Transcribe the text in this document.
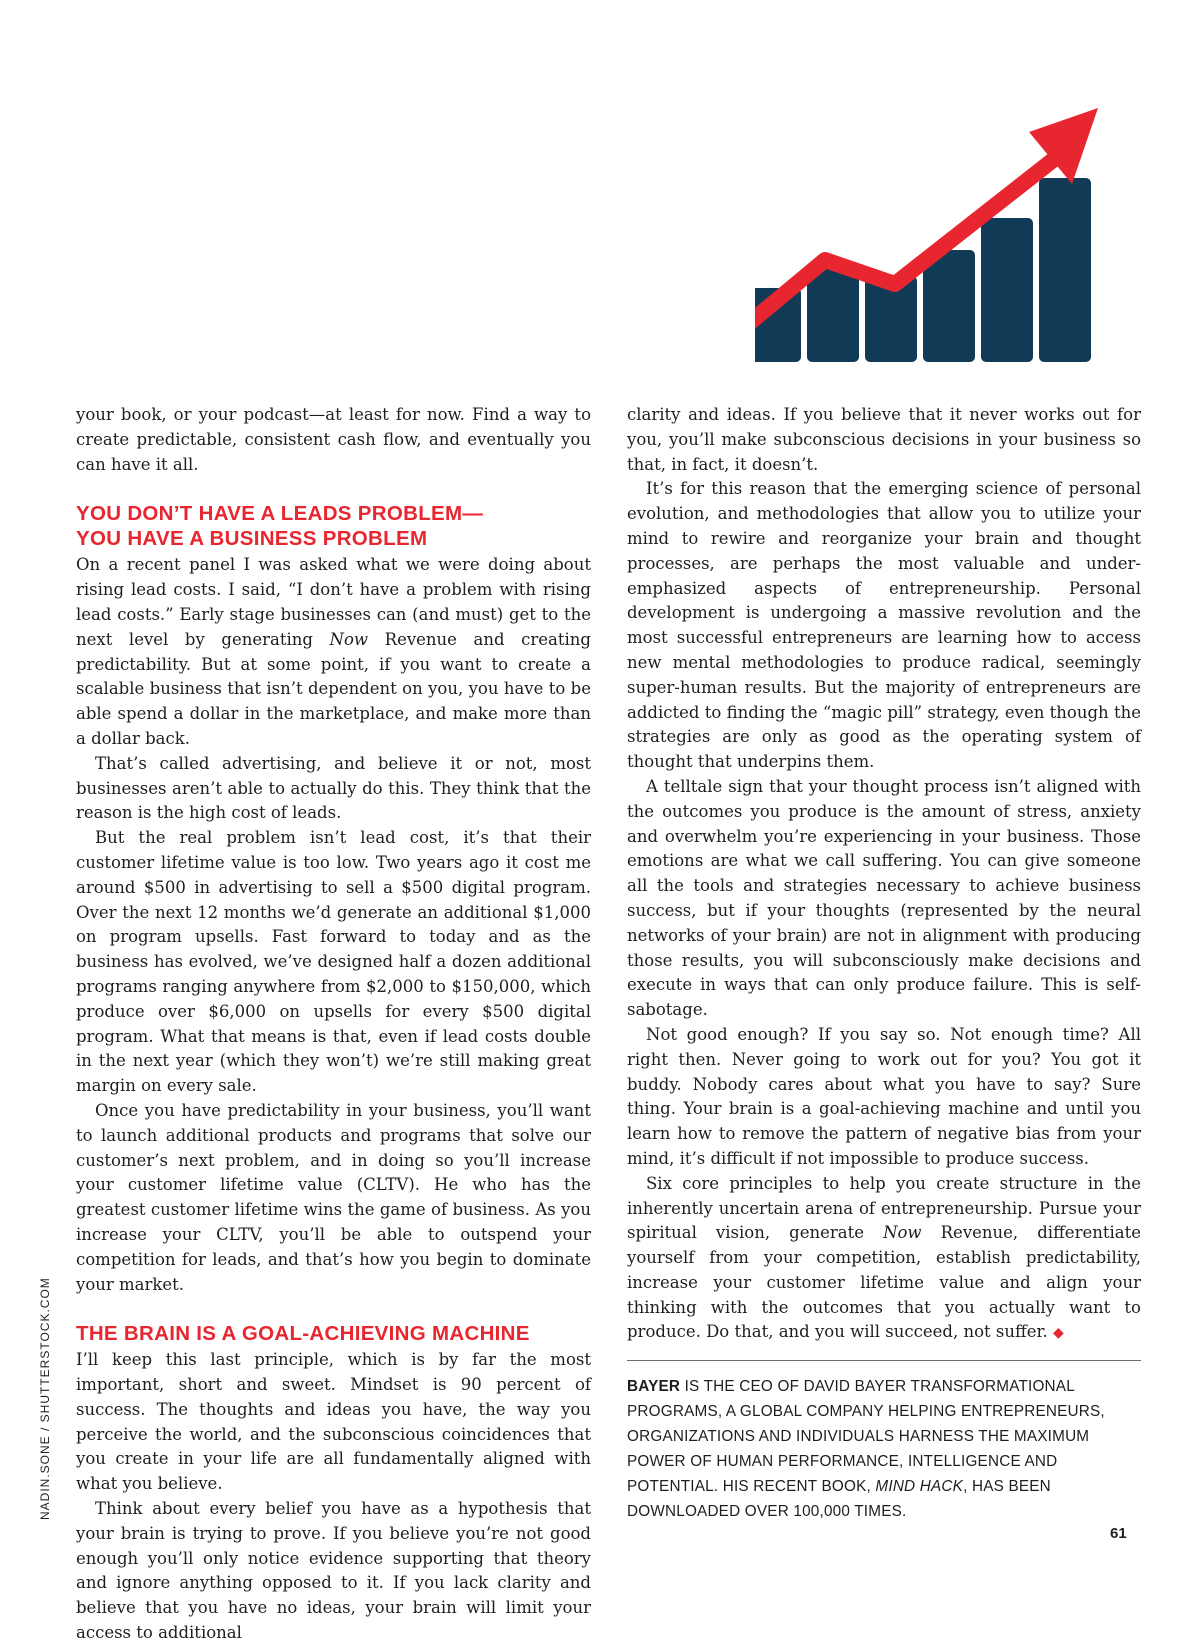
your book, or your podcast—at least for now. Find a way to create predictable, consistent cash flow, and eventually you can have it all.

YOU DON’T HAVE A LEADS PROBLEM—
YOU HAVE A BUSINESS PROBLEM

On a recent panel I was asked what we were doing about rising lead costs. I said, “I don’t have a problem with rising lead costs.” Early stage businesses can (and must) get to the next level by generating Now Revenue and creating predictability. But at some point, if you want to create a scalable business that isn’t dependent on you, you have to be able spend a dollar in the marketplace, and make more than a dollar back.

That’s called advertising, and believe it or not, most businesses aren’t able to actually do this. They think that the reason is the high cost of leads.

But the real problem isn’t lead cost, it’s that their customer lifetime value is too low. Two years ago it cost me around $500 in advertising to sell a $500 digital program. Over the next 12 months we’d generate an additional $1,000 on program upsells. Fast forward to today and as the business has evolved, we’ve designed half a dozen additional programs ranging anywhere from $2,000 to $150,000, which produce over $6,000 on upsells for every $500 digital program. What that means is that, even if lead costs double in the next year (which they won’t) we’re still making great margin on every sale.

Once you have predictability in your business, you’ll want to launch additional products and programs that solve our customer’s next problem, and in doing so you’ll increase your customer lifetime value (CLTV). He who has the greatest customer lifetime wins the game of business. As you increase your CLTV, you’ll be able to outspend your competition for leads, and that’s how you begin to dominate your market.

THE BRAIN IS A GOAL-ACHIEVING MACHINE

I’ll keep this last principle, which is by far the most important, short and sweet. Mindset is 90 percent of success. The thoughts and ideas you have, the way you perceive the world, and the subconscious coincidences that you create in your life are all fundamentally aligned with what you believe.

Think about every belief you have as a hypothesis that your brain is trying to prove. If you believe you’re not good enough you’ll only notice evidence supporting that theory and ignore anything opposed to it. If you lack clarity and believe that you have no ideas, your brain will limit your access to additional

clarity and ideas. If you believe that it never works out for you, you’ll make subconscious decisions in your business so that, in fact, it doesn’t.

It’s for this reason that the emerging science of personal evolution, and methodologies that allow you to utilize your mind to rewire and reorganize your brain and thought processes, are perhaps the most valuable and under-emphasized aspects of entrepreneurship. Personal development is undergoing a massive revolution and the most successful entrepreneurs are learning how to access new mental methodologies to produce radical, seemingly super-human results. But the majority of entrepreneurs are addicted to finding the “magic pill” strategy, even though the strategies are only as good as the operating system of thought that underpins them.

A telltale sign that your thought process isn’t aligned with the outcomes you produce is the amount of stress, anxiety and overwhelm you’re experiencing in your business. Those emotions are what we call suffering. You can give someone all the tools and strategies necessary to achieve business success, but if your thoughts (represented by the neural networks of your brain) are not in alignment with producing those results, you will subconsciously make decisions and execute in ways that can only produce failure. This is self-sabotage.

Not good enough? If you say so. Not enough time? All right then. Never going to work out for you? You got it buddy. Nobody cares about what you have to say? Sure thing. Your brain is a goal-achieving machine and until you learn how to remove the pattern of negative bias from your mind, it’s difficult if not impossible to produce success.

Six core principles to help you create structure in the inherently uncertain arena of entrepreneurship. Pursue your spiritual vision, generate Now Revenue, differentiate yourself from your competition, establish predictability, increase your customer lifetime value and align your thinking with the outcomes that you actually want to produce. Do that, and you will succeed, not suffer. ◆

BAYER IS THE CEO OF DAVID BAYER TRANSFORMATIONAL PROGRAMS, A GLOBAL COMPANY HELPING ENTREPRENEURS, ORGANIZATIONS AND INDIVIDUALS HARNESS THE MAXIMUM POWER OF HUMAN PERFORMANCE, INTELLIGENCE AND POTENTIAL. HIS RECENT BOOK, MIND HACK, HAS BEEN DOWNLOADED OVER 100,000 TIMES.
NADIN.SONE / SHUTTERSTOCK.COM
61
